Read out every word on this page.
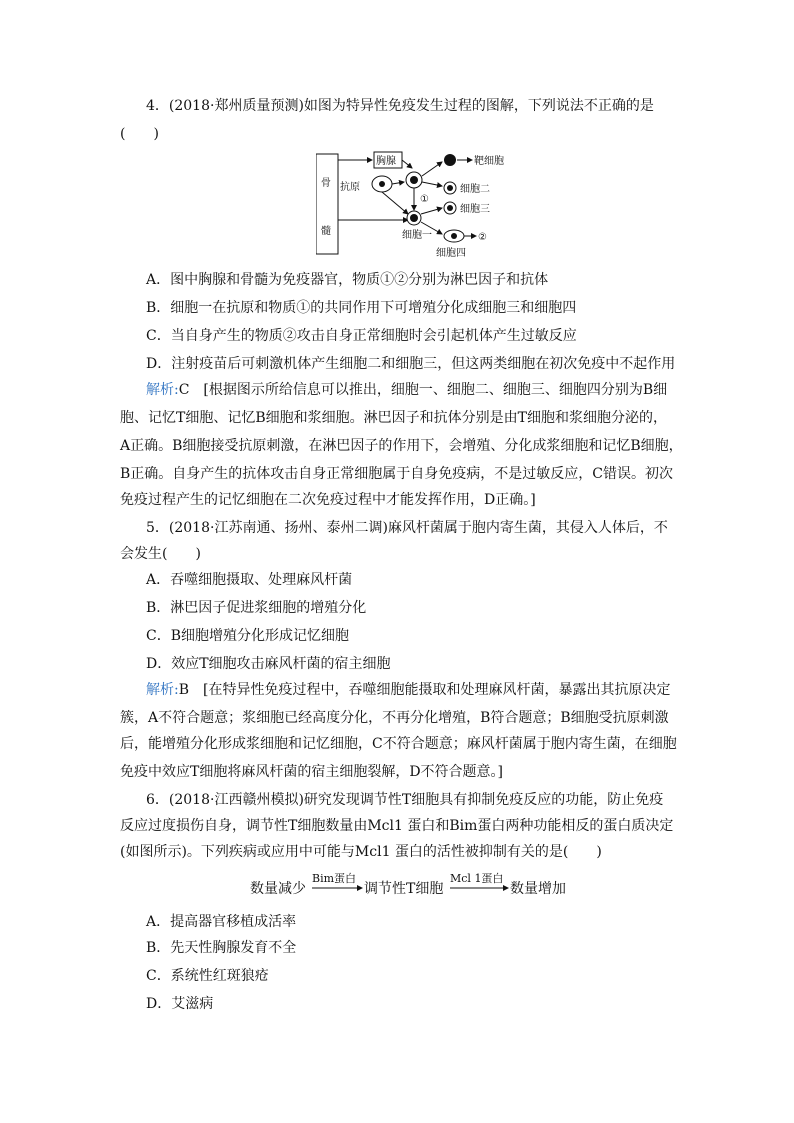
4．(2018·郑州质量预测)如图为特异性免疫发生过程的图解，下列说法不正确的是
(　　)
骨
髓
胸腺
抗原
①
靶细胞
细胞二
细胞一
细胞三
②
细胞四
A．图中胸腺和骨髓为免疫器官，物质①②分别为淋巴因子和抗体
B．细胞一在抗原和物质①的共同作用下可增殖分化成细胞三和细胞四
C．当自身产生的物质②攻击自身正常细胞时会引起机体产生过敏反应
D．注射疫苗后可刺激机体产生细胞二和细胞三，但这两类细胞在初次免疫中不起作用
解析:C　[根据图示所给信息可以推出，细胞一、细胞二、细胞三、细胞四分别为B细
胞、记忆T细胞、记忆B细胞和浆细胞。淋巴因子和抗体分别是由T细胞和浆细胞分泌的，
A正确。B细胞接受抗原刺激，在淋巴因子的作用下，会增殖、分化成浆细胞和记忆B细胞，
B正确。自身产生的抗体攻击自身正常细胞属于自身免疫病，不是过敏反应，C错误。初次
免疫过程产生的记忆细胞在二次免疫过程中才能发挥作用，D正确。]
5．(2018·江苏南通、扬州、泰州二调)麻风杆菌属于胞内寄生菌，其侵入人体后，不
会发生(　　)
A．吞噬细胞摄取、处理麻风杆菌
B．淋巴因子促进浆细胞的增殖分化
C．B细胞增殖分化形成记忆细胞
D．效应T细胞攻击麻风杆菌的宿主细胞
解析:B　[在特异性免疫过程中，吞噬细胞能摄取和处理麻风杆菌，暴露出其抗原决定
簇，A不符合题意；浆细胞已经高度分化，不再分化增殖，B符合题意；B细胞受抗原刺激
后，能增殖分化形成浆细胞和记忆细胞，C不符合题意；麻风杆菌属于胞内寄生菌，在细胞
免疫中效应T细胞将麻风杆菌的宿主细胞裂解，D不符合题意。]
6．(2018·江西赣州模拟)研究发现调节性T细胞具有抑制免疫反应的功能，防止免疫
反应过度损伤自身，调节性T细胞数量由Mcl1 蛋白和Bim蛋白两种功能相反的蛋白质决定
(如图所示)。下列疾病或应用中可能与Mcl1 蛋白的活性被抑制有关的是(　　)
数量减少
Bim蛋白
调节性T细胞
Mcl 1蛋白
数量增加
A．提高器官移植成活率
B．先天性胸腺发育不全
C．系统性红斑狼疮
D．艾滋病
